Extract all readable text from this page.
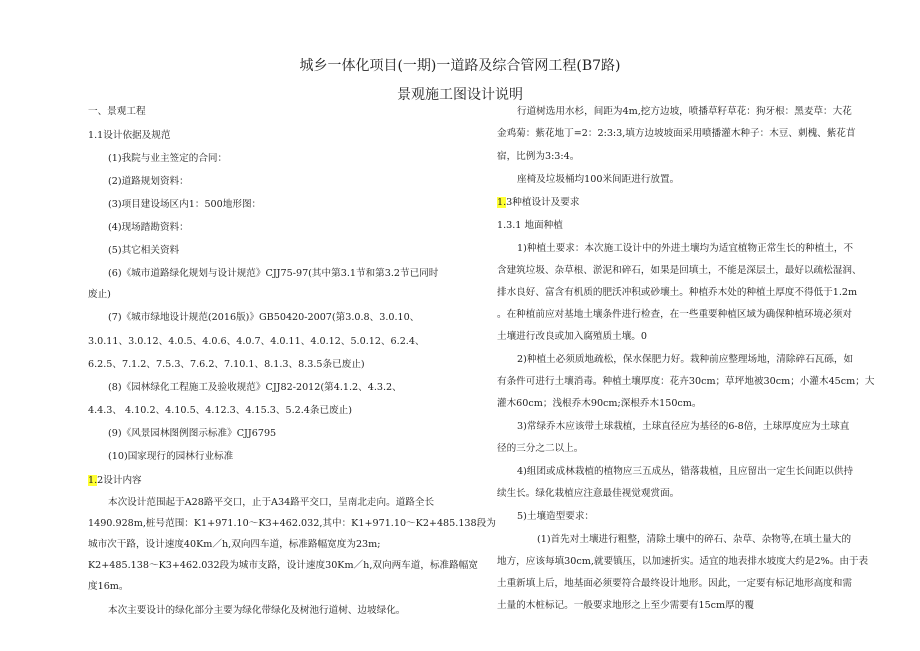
城乡一体化项目(一期)一道路及综合管网工程(B7路)
景观施工图设计说明
一、景观工程
1.1设计依据及规范
(1)我院与业主签定的合同：
(2)道路规划资料：
(3)项目建设场区内1：500地形图：
(4)现场踏勘资料：
(5)其它相关资料
(6)《城市道路绿化规划与设计规范》CJJ75-97(其中第3.1节和第3.2节已同时
废止)
(7)《城市绿地设计规范(2016版)》GB50420-2007(第3.0.8、3.0.10、
3.0.11、3.0.12、4.0.5、4.0.6、4.0.7、4.0.11、4.0.12、5.0.12、6.2.4、
6.2.5、7.1.2、7.5.3、7.6.2、7.10.1、8.1.3、8.3.5条已废止)
(8)《园林绿化工程施工及验收规范》CJJ82-2012(第4.1.2、4.3.2、
4.4.3、 4.10.2、4.10.5、4.12.3、4.15.3、5.2.4条已废止)
(9)《风景园林图例图示标准》CJJ6795
(10)国家现行的园林行业标准
1.2设计内容
本次设计范围起于A28路平交口，止于A34路平交口，呈南北走向。道路全长
1490.928m,桩号范围：K1+971.10～K3+462.032,其中：K1+971.10～K2+485.138段为
城市次干路，设计速度40Km／h,双向四车道，标准路幅宽度为23m;
K2+485.138～K3+462.032段为城市支路，设计速度30Km／h,双向两车道，标准路幅宽
度16m。
本次主要设计的绿化部分主要为绿化带绿化及树池行道树、边坡绿化。
行道树选用水杉，间距为4m,挖方边坡，喷播草籽草花：狗牙根：黑麦草：大花
金鸡菊：紫花地丁=2：2:3:3,填方边坡坡面采用喷播灌木种子：木豆、刺槐、紫花苜
宿，比例为3:3:4。
座椅及垃圾桶均100米间距进行放置。
1.3种植设计及要求
1.3.1 地面种植
1)种植土要求：本次施工设计中的外进土壤均为适宜植物正常生长的种植土，不
含建筑垃圾、杂草根、淤泥和碎石，如果是回填土，不能是深层土，最好以疏松湿润、
排水良好、富含有机质的肥沃冲积或砂壤土。种植乔木处的种植土厚度不得低于1.2m
。在种植前应对基地土壤条件进行检查，在一些重要种植区域为确保种植环境必须对
土壤进行改良或加入腐殖质土壤。0
2)种植土必须质地疏松，保水保肥力好。栽种前应整理场地，清除碎石瓦砾，如
有条件可进行土壤消毒。种植土壤厚度：花卉30cm；草坪地被30cm；小灌木45cm；大
灌木60cm；浅根乔木90cm;深根乔木150cm。
3)常绿乔木应该带土球栽植，土球直径应为基径的6-8倍，土球厚度应为土球直
径的三分之二以上。
4)组团或成林栽植的植物应三五成丛，错落栽植，且应留出一定生长间距以供持
续生长。绿化栽植应注意最佳视觉观赏面。
5)土壤造型要求：
(1)首先对土壤进行粗整，清除土壤中的碎石、杂草、杂物等,在填土量大的
地方，应该每填30cm,就要镇压，以加速折实。适宜的地表排水坡度大约是2%。由于表
土重新填上后，地基面必须要符合最终设计地形。因此，一定要有标记地形高度和需
土量的木桩标记。一般要求地形之上至少需要有15cm厚的覆
